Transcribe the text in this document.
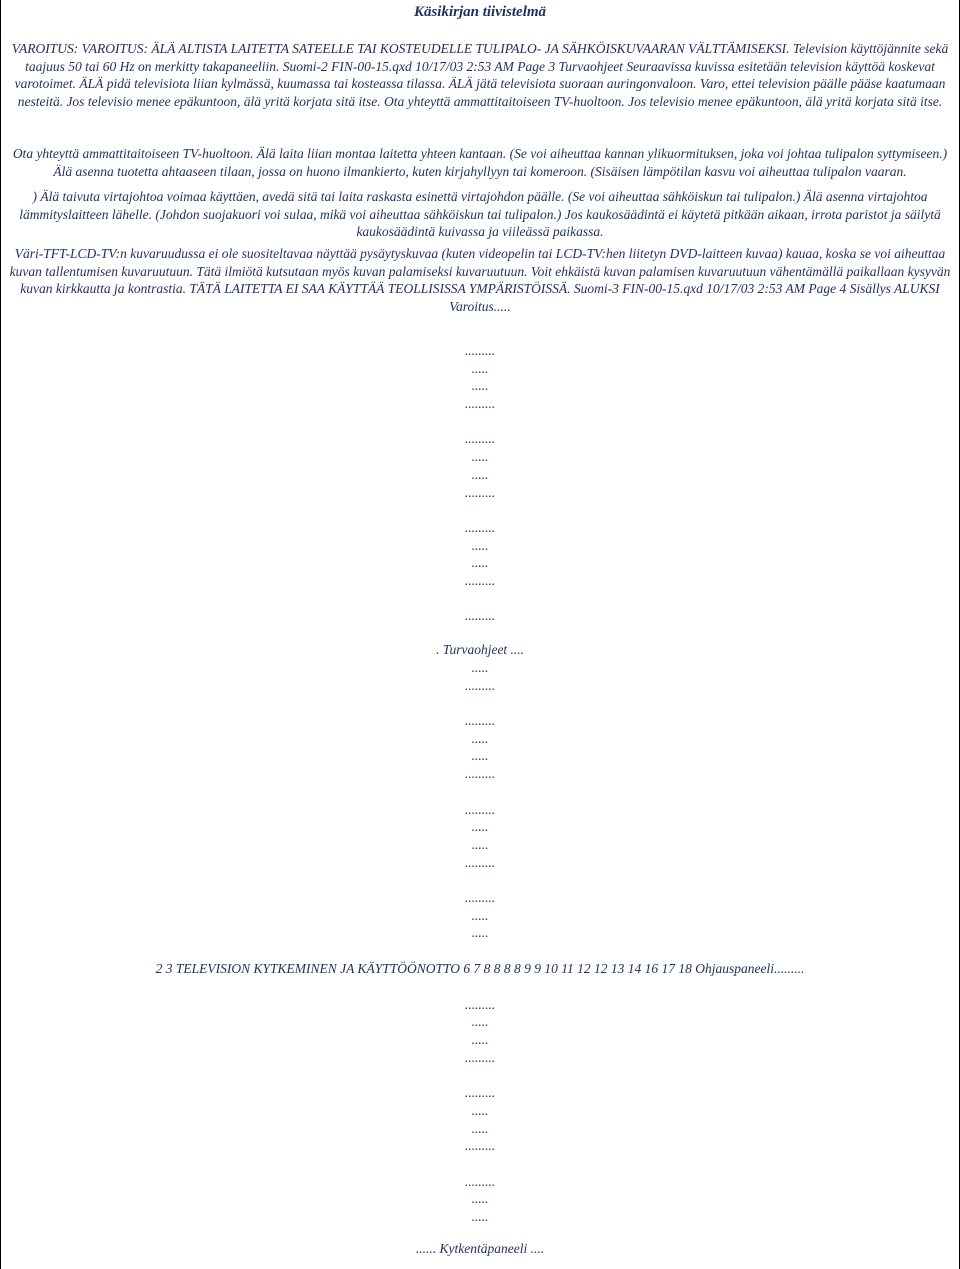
Käsikirjan tiivistelmä

VAROITUS: VAROITUS: ÄLÄ ALTISTA LAITETTA SATEELLE TAI KOSTEUDELLE TULIPALO- JA SÄHKÖISKUVAARAN VÄLTTÄMISEKSI. Television käyttöjännite sekä taajuus 50 tai 60 Hz on merkitty takapaneeliin. Suomi-2 FIN-00-15.qxd 10/17/03 2:53 AM Page 3 Turvaohjeet Seuraavissa kuvissa esitetään television käyttöä koskevat varotoimet. ÄLÄ pidä televisiota liian kylmässä, kuumassa tai kosteassa tilassa. ÄLÄ jätä televisiota suoraan auringonvaloon. Varo, ettei television päälle pääse kaatumaan nesteitä. Jos televisio menee epäkuntoon, älä yritä korjata sitä itse. Ota yhteyttä ammattitaitoiseen TV-huoltoon. Jos televisio menee epäkuntoon, älä yritä korjata sitä itse.

Ota yhteyttä ammattitaitoiseen TV-huoltoon. Älä laita liian montaa laitetta yhteen kantaan. (Se voi aiheuttaa kannan ylikuormituksen, joka voi johtaa tulipalon syttymiseen.) Älä asenna tuotetta ahtaaseen tilaan, jossa on huono ilmankierto, kuten kirjahyllyyn tai komeroon. (Sisäisen lämpötilan kasvu voi aiheuttaa tulipalon vaaran.

) Älä taivuta virtajohtoa voimaa käyttäen, avedä sitä tai laita raskasta esinettä virtajohdon päälle. (Se voi aiheuttaa sähköiskun tai tulipalon.) Älä asenna virtajohtoa lämmityslaitteen lähelle. (Johdon suojakuori voi sulaa, mikä voi aiheuttaa sähköiskun tai tulipalon.) Jos kaukosäädintä ei käytetä pitkään aikaan, irrota paristot ja säilytä kaukosäädintä kuivassa ja viileässä paikassa.

Väri-TFT-LCD-TV:n kuvaruudussa ei ole suositeltavaa näyttää pysäytyskuvaa (kuten videopelin tai LCD-TV:hen liitetyn DVD-laitteen kuvaa) kauaa, koska se voi aiheuttaa kuvan tallentumisen kuvaruutuun. Tätä ilmiötä kutsutaan myös kuvan palamiseksi kuvaruutuun. Voit ehkäistä kuvan palamisen kuvaruutuun vähentämällä paikallaan kysyvän kuvan kirkkautta ja kontrastia. TÄTÄ LAITETTA EI SAA KÄYTTÄÄ TEOLLISISSA YMPÄRISTÖISSÄ. Suomi-3 FIN-00-15.qxd 10/17/03 2:53 AM Page 4 Sisällys ALUKSI Varoitus.....

.........
.....
.....
.........
.........
.....
.....
.........
.........
.....
.....
.........
.........

. Turvaohjeet ....

.....
.........
.........
.....
.....
.........
.........
.....
.....
.........
.........
.....
.....

2 3 TELEVISION KYTKEMINEN JA KÄYTTÖÖNOTTO 6 7 8 8 8 8 9 9 10 11 12 12 13 14 16 17 18 Ohjauspaneeli.........

.........
.....
.....
.........
.........
.....
.....
.........
.........
.....
.....

...... Kytkentäpaneeli ....
